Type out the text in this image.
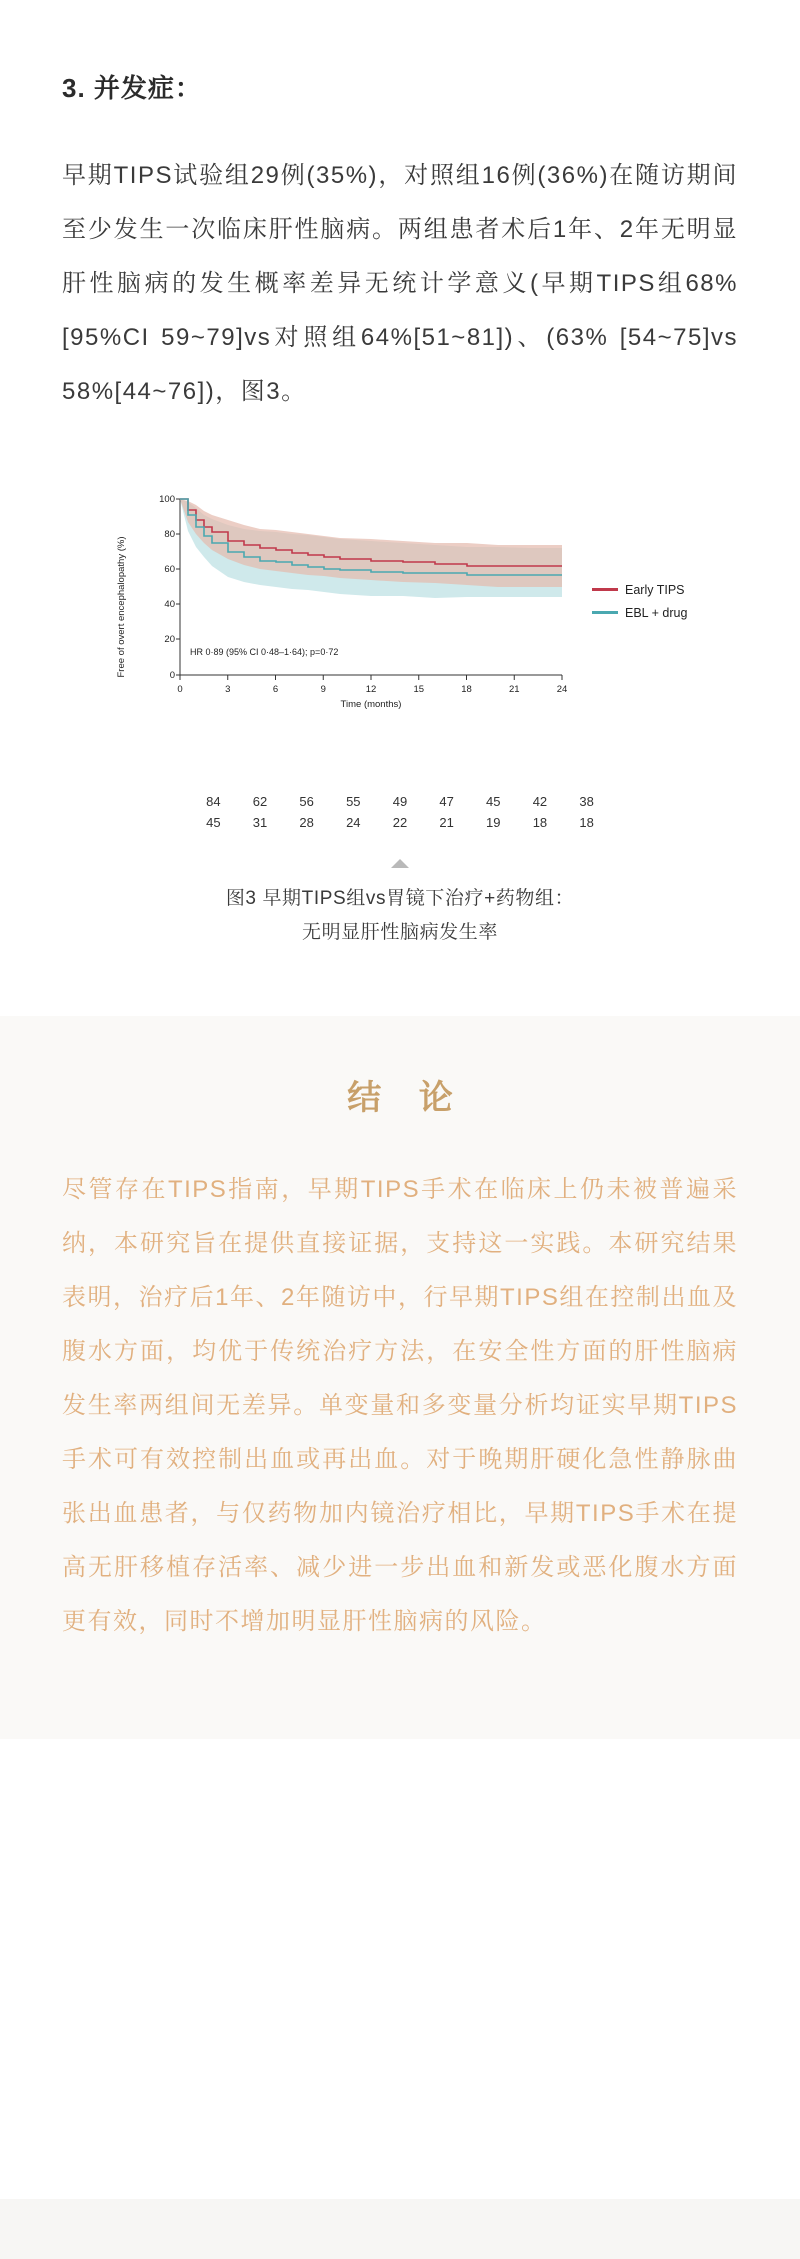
3. 并发症：

早期TIPS试验组29例(35%)，对照组16例(36%)在随访期间至少发生一次临床肝性脑病。两组患者术后1年、2年无明显肝性脑病的发生概率差异无统计学意义(早期TIPS组68% [95%CI 59~79]vs对照组64%[51~81])、(63% [54~75]vs 58%[44~76])，图3。

Free of overt encephalopathy (%)
100
80
60
40
20
0
0	3	6	9	12	15	18	21	24
Time (months)
HR 0·89 (95% CI 0·48–1·64); p=0·72
Early TIPS
EBL + drug
84	62	56	55	49	47	45	42	38
45	31	28	24	22	21	19	18	18
图3 早期TIPS组vs胃镜下治疗+药物组：
无明显肝性脑病发生率
结 论

尽管存在TIPS指南，早期TIPS手术在临床上仍未被普遍采纳，本研究旨在提供直接证据，支持这一实践。本研究结果表明，治疗后1年、2年随访中，行早期TIPS组在控制出血及腹水方面，均优于传统治疗方法，在安全性方面的肝性脑病发生率两组间无差异。单变量和多变量分析均证实早期TIPS手术可有效控制出血或再出血。对于晚期肝硬化急性静脉曲张出血患者，与仅药物加内镜治疗相比，早期TIPS手术在提高无肝移植存活率、减少进一步出血和新发或恶化腹水方面更有效，同时不增加明显肝性脑病的风险。
